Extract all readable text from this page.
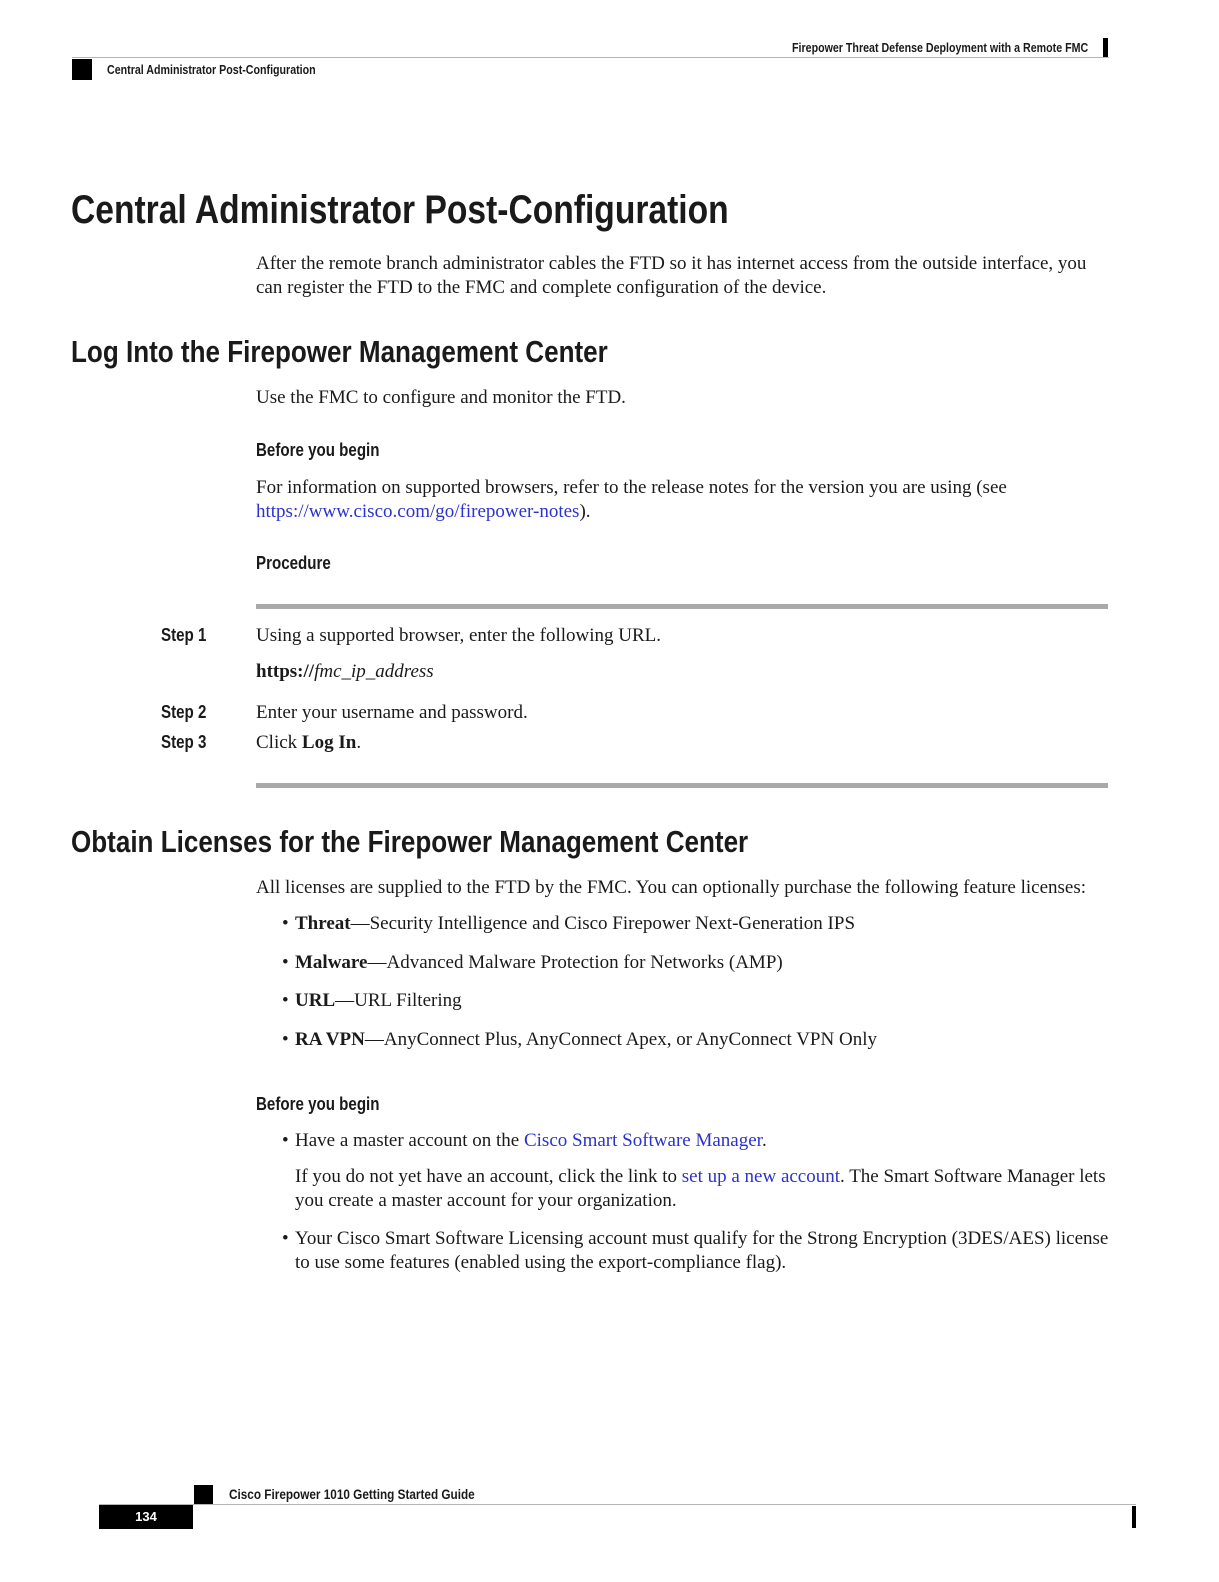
Firepower Threat Defense Deployment with a Remote FMC
Central Administrator Post-Configuration
Central Administrator Post-Configuration

After the remote branch administrator cables the FTD so it has internet access from the outside interface, you can register the FTD to the FMC and complete configuration of the device.

Log Into the Firepower Management Center

Use the FMC to configure and monitor the FTD.

Before you begin

For information on supported browsers, refer to the release notes for the version you are using (see
https://www.cisco.com/go/firepower-notes).

Procedure
Step 1	Using a supported browser, enter the following URL.

https://fmc_ip_address

Step 2	Enter your username and password.

Step 3	Click Log In.

Obtain Licenses for the Firepower Management Center

All licenses are supplied to the FTD by the FMC. You can optionally purchase the following feature licenses:

• Threat—Security Intelligence and Cisco Firepower Next-Generation IPS
• Malware—Advanced Malware Protection for Networks (AMP)
• URL—URL Filtering
• RA VPN—AnyConnect Plus, AnyConnect Apex, or AnyConnect VPN Only
Before you begin
• Have a master account on the Cisco Smart Software Manager.

If you do not yet have an account, click the link to set up a new account. The Smart Software Manager lets you create a master account for your organization.

• Your Cisco Smart Software Licensing account must qualify for the Strong Encryption (3DES/AES) license to use some features (enabled using the export-compliance flag).
Cisco Firepower 1010 Getting Started Guide
134
